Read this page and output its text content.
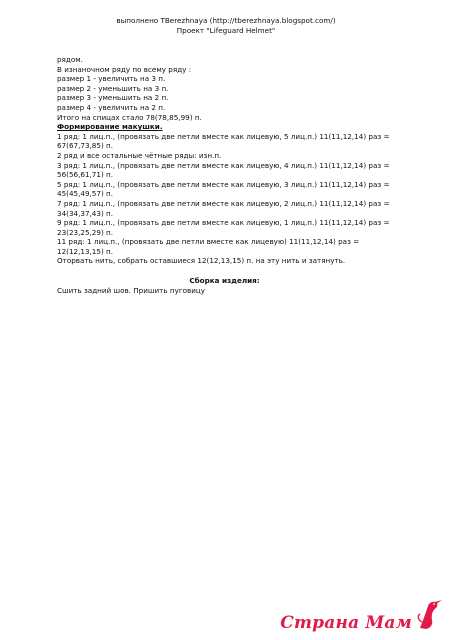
выполнено TBerezhnaya (http://tberezhnaya.blogspot.com/)
Проект "Lifeguard Helmet"
рядом.
В изнаночном ряду по всему ряду :
размер 1 - увеличить на 3 п.
размер 2 - уменьшить на 3 п.
размер 3 - уменьшить на 2 п.
размер 4 - увеличить на 2 п.
Итого на спицах стало 78(78,85,99) п.
Формирование макушки.
1 ряд: 1 лиц.п., (провязать две петли вместе как лицевую, 5 лиц.п.) 11(11,12,14) раз = 67(67,73,85) п.
2 ряд и все остальные чётные ряды: изн.п.
3 ряд: 1 лиц.п., (провязать две петли вместе как лицевую, 4 лиц.п.) 11(11,12,14) раз = 56(56,61,71) п.
5 ряд: 1 лиц.п., (провязать две петли вместе как лицевую, 3 лиц.п.) 11(11,12,14) раз = 45(45,49,57) п.
7 ряд: 1 лиц.п., (провязать две петли вместе как лицевую, 2 лиц.п.) 11(11,12,14) раз = 34(34,37,43) п.
9 ряд: 1 лиц.п., (провязать две петли вместе как лицевую, 1 лиц.п.) 11(11,12,14) раз = 23(23,25,29) п.
11 ряд: 1 лиц.п., (провязать две петли вместе как лицевую) 11(11,12,14) раз = 12(12,13,15) п.
Оторвать нить, собрать оставшиеся 12(12,13,15) п. на эту нить и затянуть.
Сборка изделия:
Сшить задний шов. Пришить пуговицу
Страна Мам
